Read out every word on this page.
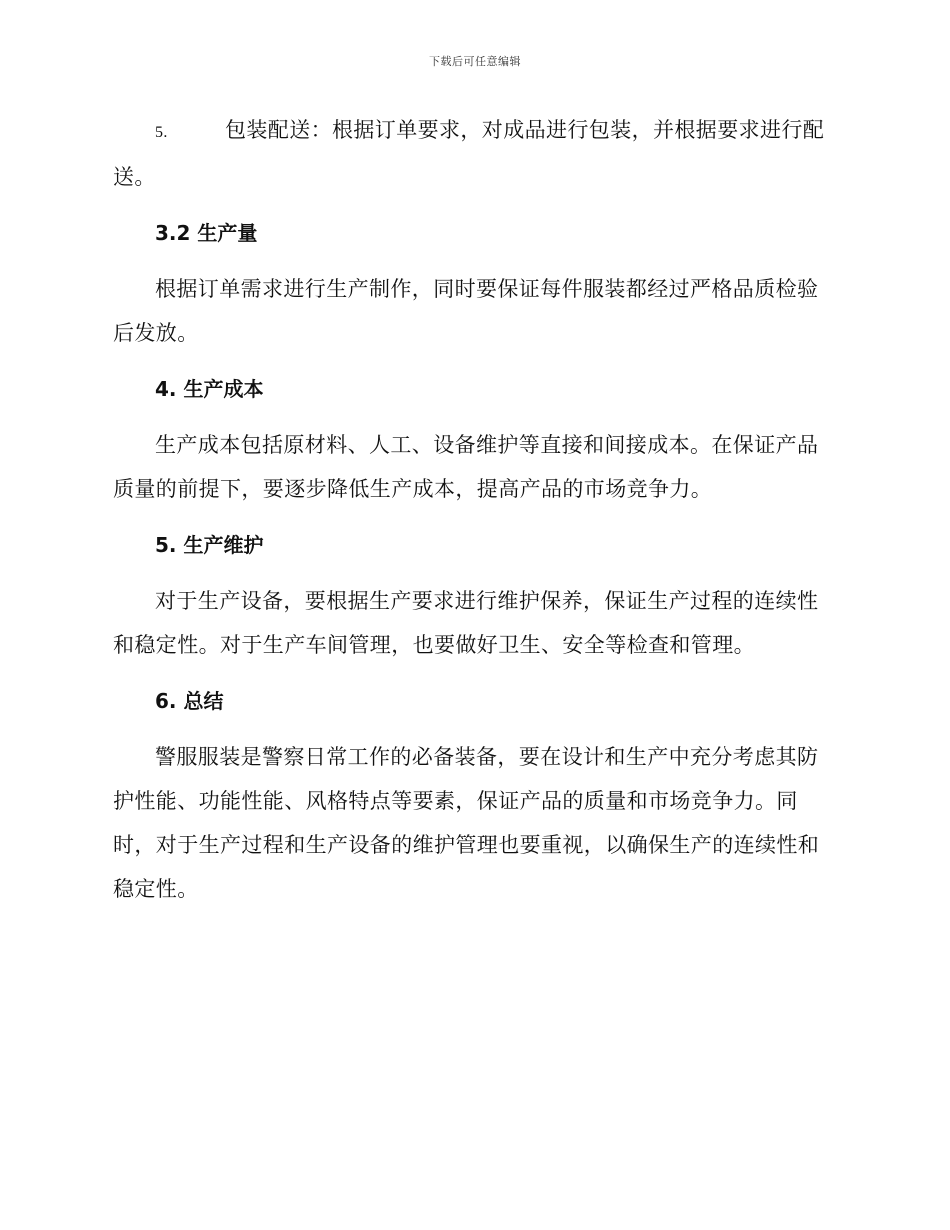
下载后可任意编辑
5.	包装配送：根据订单要求，对成品进行包装，并根据要求进行配
送。
3.2 生产量

根据订单需求进行生产制作，同时要保证每件服装都经过严格品质检验后发放。

4. 生产成本

生产成本包括原材料、人工、设备维护等直接和间接成本。在保证产品质量的前提下，要逐步降低生产成本，提高产品的市场竞争力。

5. 生产维护

对于生产设备，要根据生产要求进行维护保养，保证生产过程的连续性和稳定性。对于生产车间管理，也要做好卫生、安全等检查和管理。

6. 总结

警服服装是警察日常工作的必备装备，要在设计和生产中充分考虑其防护性能、功能性能、风格特点等要素，保证产品的质量和市场竞争力。同时，对于生产过程和生产设备的维护管理也要重视，以确保生产的连续性和稳定性。
